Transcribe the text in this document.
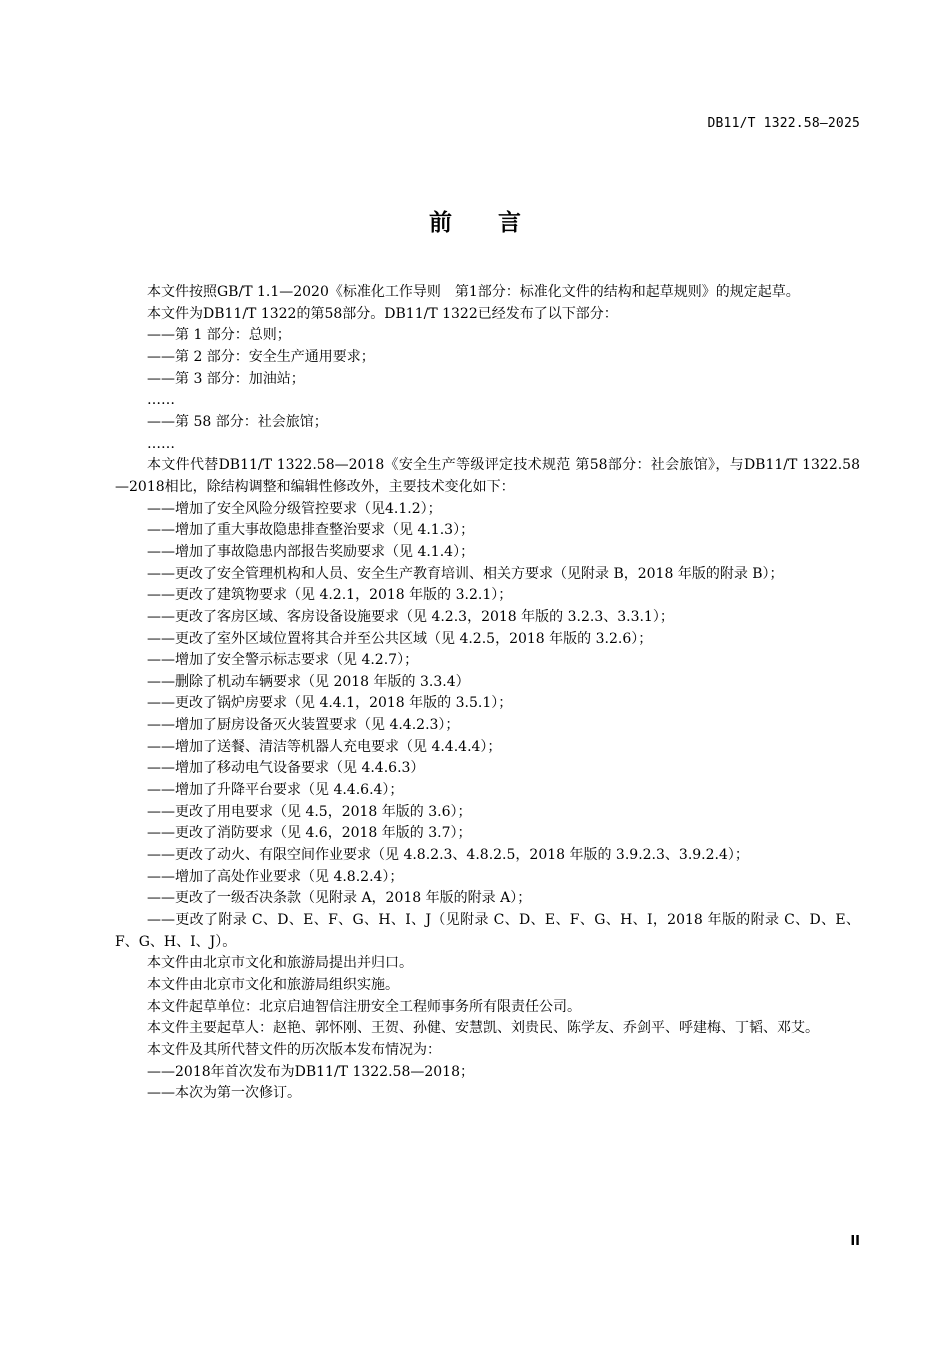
DB11/T 1322.58—2025
前　　言
本文件按照GB/T 1.1—2020《标准化工作导则　第1部分：标准化文件的结构和起草规则》的规定起草。
本文件为DB11/T 1322的第58部分。DB11/T 1322已经发布了以下部分：
——第 1 部分：总则；
——第 2 部分：安全生产通用要求；
——第 3 部分：加油站；
……
——第 58 部分：社会旅馆；
……
本文件代替DB11/T 1322.58—2018《安全生产等级评定技术规范 第58部分：社会旅馆》，与DB11/T 1322.58—2018相比，除结构调整和编辑性修改外，主要技术变化如下：
——增加了安全风险分级管控要求（见4.1.2）；
——增加了重大事故隐患排查整治要求（见 4.1.3）；
——增加了事故隐患内部报告奖励要求（见 4.1.4）；
——更改了安全管理机构和人员、安全生产教育培训、相关方要求（见附录 B，2018 年版的附录 B）；
——更改了建筑物要求（见 4.2.1，2018 年版的 3.2.1）；
——更改了客房区域、客房设备设施要求（见 4.2.3，2018 年版的 3.2.3、3.3.1）；
——更改了室外区域位置将其合并至公共区域（见 4.2.5，2018 年版的 3.2.6）；
——增加了安全警示标志要求（见 4.2.7）；
——删除了机动车辆要求（见 2018 年版的 3.3.4）
——更改了锅炉房要求（见 4.4.1，2018 年版的 3.5.1）；
——增加了厨房设备灭火装置要求（见 4.4.2.3）；
——增加了送餐、清洁等机器人充电要求（见 4.4.4.4）；
——增加了移动电气设备要求（见 4.4.6.3）
——增加了升降平台要求（见 4.4.6.4）；
——更改了用电要求（见 4.5，2018 年版的 3.6）；
——更改了消防要求（见 4.6，2018 年版的 3.7）；
——更改了动火、有限空间作业要求（见 4.8.2.3、4.8.2.5，2018 年版的 3.9.2.3、3.9.2.4）；
——增加了高处作业要求（见 4.8.2.4）；
——更改了一级否决条款（见附录 A，2018 年版的附录 A）；
——更改了附录 C、D、E、F、G、H、I、J（见附录 C、D、E、F、G、H、I，2018 年版的附录 C、D、E、F、G、H、I、J）。
本文件由北京市文化和旅游局提出并归口。
本文件由北京市文化和旅游局组织实施。
本文件起草单位：北京启迪智信注册安全工程师事务所有限责任公司。
本文件主要起草人：赵艳、郭怀刚、王贺、孙健、安慧凯、刘贵民、陈学友、乔剑平、呼建梅、丁韬、邓艾。
本文件及其所代替文件的历次版本发布情况为：
——2018年首次发布为DB11/T 1322.58—2018；
——本次为第一次修订。
II
